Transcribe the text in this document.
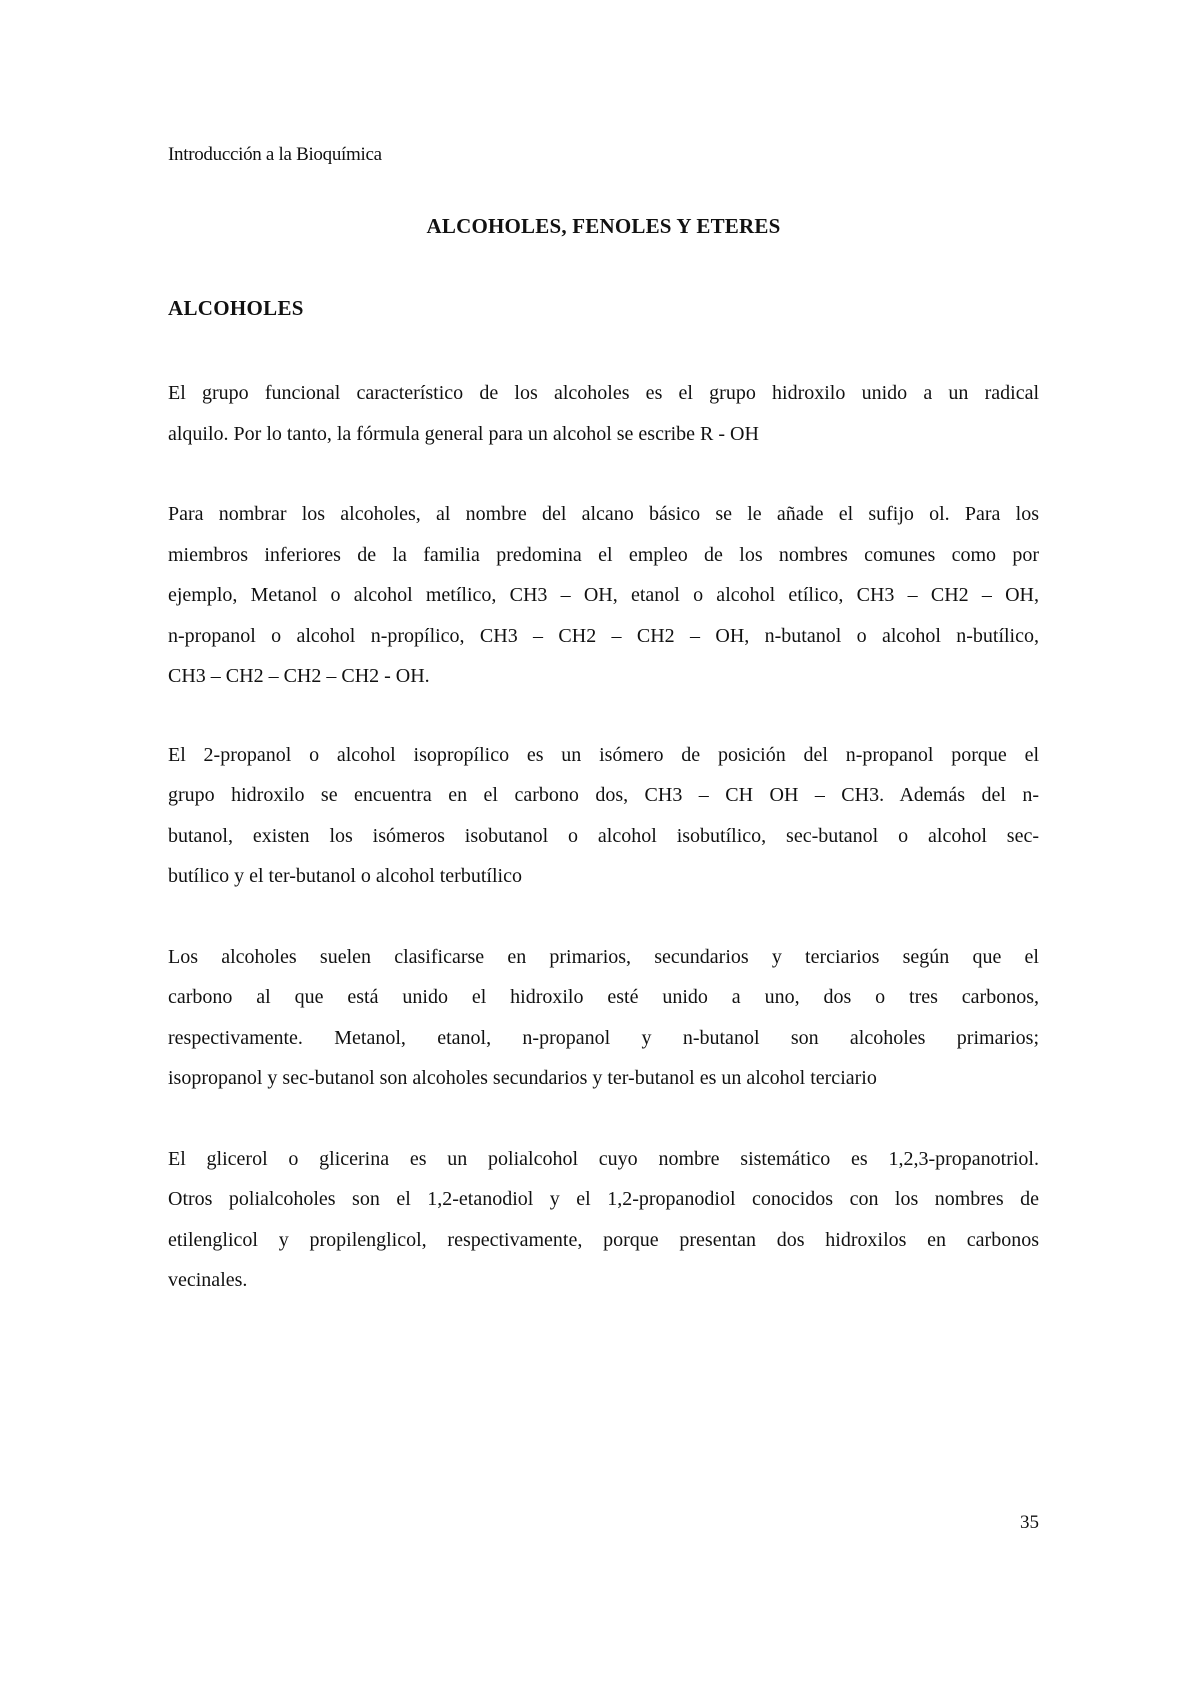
Introducción a la Bioquímica
ALCOHOLES, FENOLES Y ETERES
ALCOHOLES

El grupo funcional característico de los alcoholes es el grupo hidroxilo unido a un radical
alquilo. Por lo tanto, la fórmula general para un alcohol se escribe R - OH

Para nombrar los alcoholes, al nombre del alcano básico se le añade el sufijo ol. Para los
miembros inferiores de la familia predomina el empleo de los nombres comunes como por
ejemplo, Metanol o alcohol metílico, CH3 – OH, etanol o alcohol etílico, CH3 – CH2 – OH,
n-propanol o alcohol n-propílico, CH3 – CH2 – CH2 – OH, n-butanol o alcohol n-butílico,
CH3 – CH2 – CH2 – CH2 - OH.

El 2-propanol o alcohol isopropílico es un isómero de posición del n-propanol porque el
grupo hidroxilo se encuentra en el carbono dos, CH3 – CH OH – CH3. Además del n-
butanol, existen los isómeros isobutanol o alcohol isobutílico, sec-butanol o alcohol sec-
butílico y el ter-butanol o alcohol terbutílico

Los alcoholes suelen clasificarse en primarios, secundarios y terciarios según que el
carbono al que está unido el hidroxilo esté unido a uno, dos o tres carbonos,
respectivamente. Metanol, etanol, n-propanol y n-butanol son alcoholes primarios;
isopropanol y sec-butanol son alcoholes secundarios y ter-butanol es un alcohol terciario

El glicerol o glicerina es un polialcohol cuyo nombre sistemático es 1,2,3-propanotriol.
Otros polialcoholes son el 1,2-etanodiol y el 1,2-propanodiol conocidos con los nombres de
etilenglicol y propilenglicol, respectivamente, porque presentan dos hidroxilos en carbonos
vecinales.

35
